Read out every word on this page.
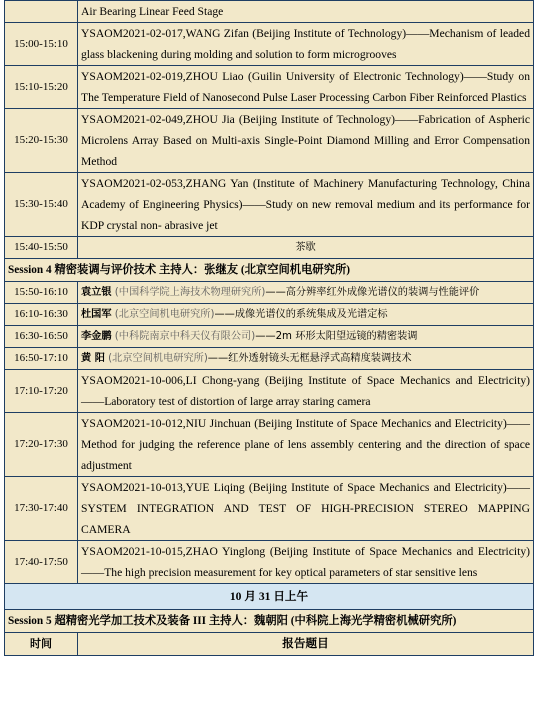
	Air Bearing Linear Feed Stage
15:00-15:10	YSAOM2021-02-017,WANG Zifan (Beijing Institute of Technology)——Mechanism of leaded glass blackening during molding and solution to form microgrooves
15:10-15:20	YSAOM2021-02-019,ZHOU Liao (Guilin University of Electronic Technology)——Study on The Temperature Field of Nanosecond Pulse Laser Processing Carbon Fiber Reinforced Plastics
15:20-15:30	YSAOM2021-02-049,ZHOU Jia (Beijing Institute of Technology)——Fabrication of Aspheric Microlens Array Based on Multi-axis Single-Point Diamond Milling and Error Compensation Method
15:30-15:40	YSAOM2021-02-053,ZHANG Yan (Institute of Machinery Manufacturing Technology, China Academy of Engineering Physics)——Study on new removal medium and its performance for KDP crystal non- abrasive jet
15:40-15:50	茶歇
Session 4 精密装调与评价技术 主持人：张继友 (北京空间机电研究所)	
15:50-16:10	袁立银 (中国科学院上海技术物理研究所)——高分辨率红外成像光谱仪的装调与性能评价
16:10-16:30	杜国军 (北京空间机电研究所)——成像光谱仪的系统集成及光谱定标
16:30-16:50	李金鹏 (中科院南京中科天仪有限公司)——2m 环形太阳望远镜的精密装调
16:50-17:10	黄 阳 (北京空间机电研究所)——红外透射镜头无框悬浮式高精度装调技术
17:10-17:20	YSAOM2021-10-006,LI Chong-yang (Beijing Institute of Space Mechanics and Electricity)——Laboratory test of distortion of large array staring camera
17:20-17:30	YSAOM2021-10-012,NIU Jinchuan (Beijing Institute of Space Mechanics and Electricity)——Method for judging the reference plane of lens assembly centering and the direction of space adjustment
17:30-17:40	YSAOM2021-10-013,YUE Liqing (Beijing Institute of Space Mechanics and Electricity)——SYSTEM INTEGRATION AND TEST OF HIGH-PRECISION STEREO MAPPING CAMERA
17:40-17:50	YSAOM2021-10-015,ZHAO Yinglong (Beijing Institute of Space Mechanics and Electricity)——The high precision measurement for key optical parameters of star sensitive lens
10 月 31 日上午	
Session 5 超精密光学加工技术及装备 III 主持人：魏朝阳 (中科院上海光学精密机械研究所)	
时间	报告题目
